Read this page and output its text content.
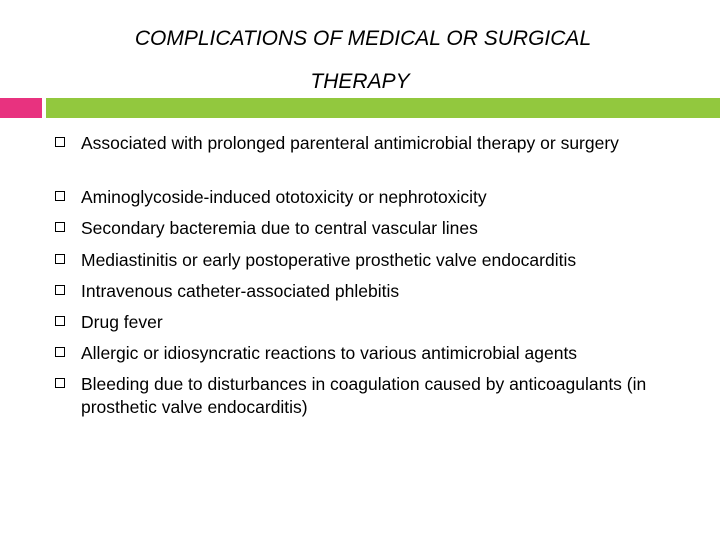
COMPLICATIONS OF MEDICAL OR SURGICAL
THERAPY
Associated with prolonged parenteral antimicrobial therapy or surgery
Aminoglycoside-induced ototoxicity or nephrotoxicity
Secondary bacteremia due to central vascular lines
Mediastinitis or early postoperative prosthetic valve endocarditis
Intravenous catheter-associated phlebitis
Drug fever
Allergic or idiosyncratic reactions to various antimicrobial agents
Bleeding due to disturbances in coagulation caused by anticoagulants (in prosthetic valve endocarditis)
